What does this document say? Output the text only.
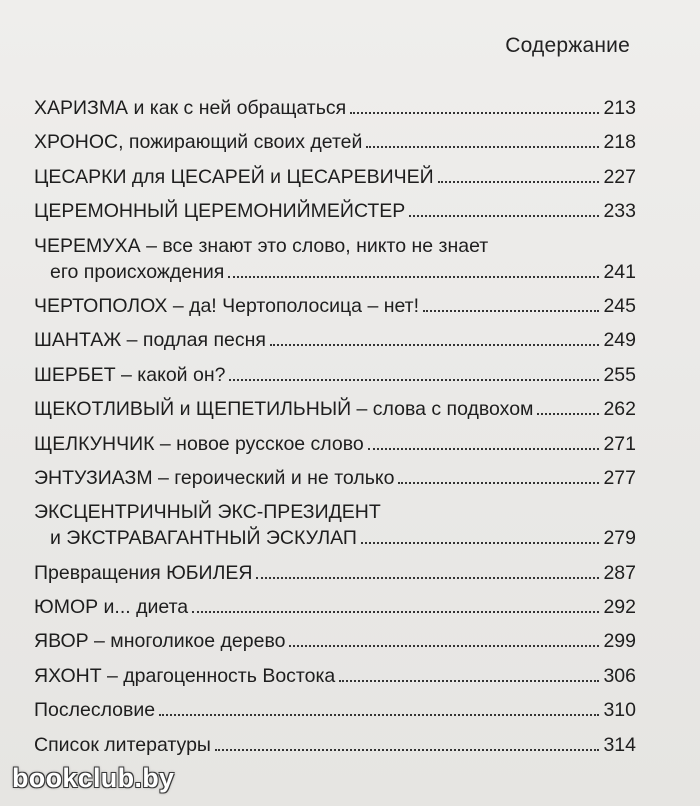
Содержание
ХАРИЗМА и как с ней обращаться	213
ХРОНОС, пожирающий своих детей	218
ЦЕСАРКИ для ЦЕСАРЕЙ и ЦЕСАРЕВИЧЕЙ	227
ЦЕРЕМОННЫЙ ЦЕРЕМОНИЙМЕЙСТЕР	233
ЧЕРЕМУХА – все знают это слово, никто не знает
его происхождения	241
ЧЕРТОПОЛОХ – да! Чертополосица – нет!	245
ШАНТАЖ – подлая песня	249
ШЕРБЕТ – какой он?	255
ЩЕКОТЛИВЫЙ и ЩЕПЕТИЛЬНЫЙ – слова с подвохом	262
ЩЕЛКУНЧИК – новое русское слово	271
ЭНТУЗИАЗМ – героический и не только	277
ЭКСЦЕНТРИЧНЫЙ ЭКС-ПРЕЗИДЕНТ
и ЭКСТРАВАГАНТНЫЙ ЭСКУЛАП	279
Превращения ЮБИЛЕЯ	287
ЮМОР и... диета	292
ЯВОР – многоликое дерево	299
ЯХОНТ – драгоценность Востока	306
Послесловие	310
Список литературы	314
bookclub.by
